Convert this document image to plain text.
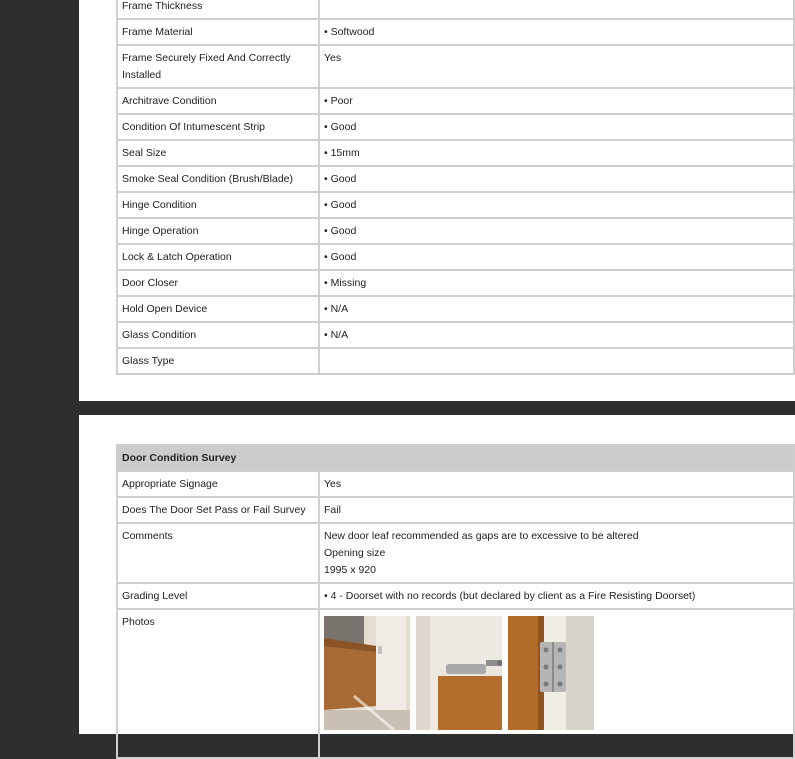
Frame Thickness	
Frame Material	• Softwood
Frame Securely Fixed And Correctly Installed	Yes
Architrave Condition	• Poor
Condition Of Intumescent Strip	• Good
Seal Size	• 15mm
Smoke Seal Condition (Brush/Blade)	• Good
Hinge Condition	• Good
Hinge Operation	• Good
Lock & Latch Operation	• Good
Door Closer	• Missing
Hold Open Device	• N/A
Glass Condition	• N/A
Glass Type	
Door Condition Survey	
Appropriate Signage	Yes
Does The Door Set Pass or Fail Survey	Fail
Comments	New door leaf recommended as gaps are to excessive to be altered
Opening size
1995 x 920

Grading Level	• 4 - Doorset with no records (but declared by client as a Fire Resisting Doorset)
Photos	
